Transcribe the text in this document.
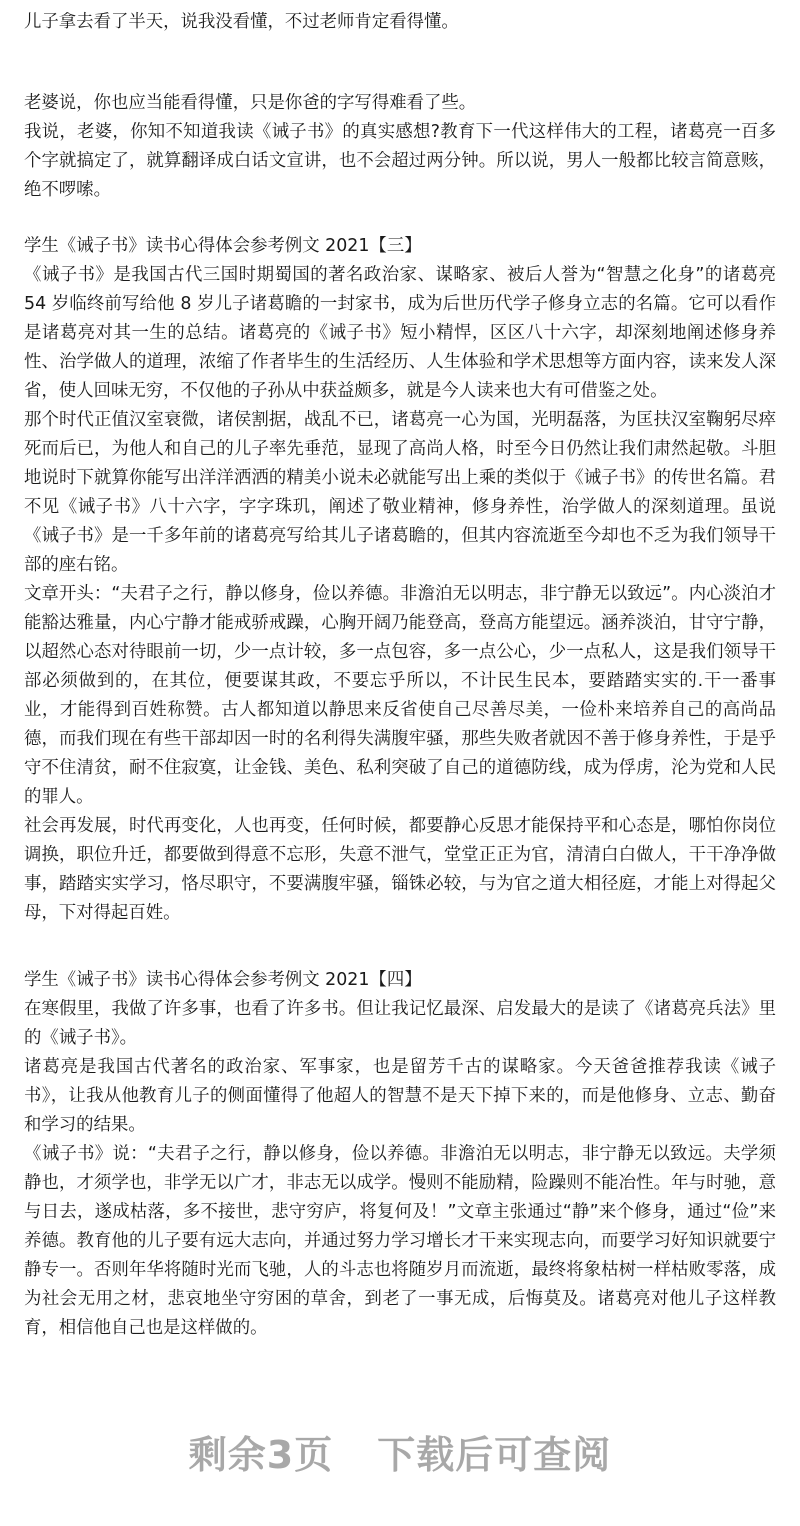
儿子拿去看了半天，说我没看懂，不过老师肯定看得懂。

老婆说，你也应当能看得懂，只是你爸的字写得难看了些。

我说，老婆，你知不知道我读《诫子书》的真实感想?教育下一代这样伟大的工程，诸葛亮一百多个字就搞定了，就算翻译成白话文宣讲，也不会超过两分钟。所以说，男人一般都比较言简意赅，绝不啰嗦。

学生《诫子书》读书心得体会参考例文 2021【三】

《诫子书》是我国古代三国时期蜀国的著名政治家、谋略家、被后人誉为“智慧之化身”的诸葛亮 54 岁临终前写给他 8 岁儿子诸葛瞻的一封家书，成为后世历代学子修身立志的名篇。它可以看作是诸葛亮对其一生的总结。诸葛亮的《诫子书》短小精悍，区区八十六字，却深刻地阐述修身养性、治学做人的道理，浓缩了作者毕生的生活经历、人生体验和学术思想等方面内容，读来发人深省，使人回味无穷，不仅他的子孙从中获益颇多，就是今人读来也大有可借鉴之处。

那个时代正值汉室衰微，诸侯割据，战乱不已，诸葛亮一心为国，光明磊落，为匡扶汉室鞠躬尽瘁死而后已，为他人和自己的儿子率先垂范，显现了高尚人格，时至今日仍然让我们肃然起敬。斗胆地说时下就算你能写出洋洋洒洒的精美小说未必就能写出上乘的类似于《诫子书》的传世名篇。君不见《诫子书》八十六字，字字珠玑，阐述了敬业精神，修身养性，治学做人的深刻道理。虽说《诫子书》是一千多年前的诸葛亮写给其儿子诸葛瞻的，但其内容流逝至今却也不乏为我们领导干部的座右铭。

文章开头：“夫君子之行，静以修身，俭以养德。非澹泊无以明志，非宁静无以致远”。内心淡泊才能豁达雅量，内心宁静才能戒骄戒躁，心胸开阔乃能登高，登高方能望远。涵养淡泊，甘守宁静，以超然心态对待眼前一切，少一点计较，多一点包容，多一点公心，少一点私人，这是我们领导干部必须做到的，在其位，便要谋其政，不要忘乎所以，不计民生民本，要踏踏实实的.干一番事业，才能得到百姓称赞。古人都知道以静思来反省使自己尽善尽美，一俭朴来培养自己的高尚品德，而我们现在有些干部却因一时的名利得失满腹牢骚，那些失败者就因不善于修身养性，于是乎守不住清贫，耐不住寂寞，让金钱、美色、私利突破了自己的道德防线，成为俘虏，沦为党和人民的罪人。

社会再发展，时代再变化，人也再变，任何时候，都要静心反思才能保持平和心态是，哪怕你岗位调换，职位升迁，都要做到得意不忘形，失意不泄气，堂堂正正为官，清清白白做人，干干净净做事，踏踏实实学习，恪尽职守，不要满腹牢骚，锱铢必较，与为官之道大相径庭，才能上对得起父母，下对得起百姓。

学生《诫子书》读书心得体会参考例文 2021【四】

在寒假里，我做了许多事，也看了许多书。但让我记忆最深、启发最大的是读了《诸葛亮兵法》里的《诫子书》。

诸葛亮是我国古代著名的政治家、军事家，也是留芳千古的谋略家。今天爸爸推荐我读《诫子书》，让我从他教育儿子的侧面懂得了他超人的智慧不是天下掉下来的，而是他修身、立志、勤奋和学习的结果。

《诫子书》说：“夫君子之行，静以修身，俭以养德。非澹泊无以明志，非宁静无以致远。夫学须静也，才须学也，非学无以广才，非志无以成学。慢则不能励精，险躁则不能冶性。年与时驰，意与日去，遂成枯落，多不接世，悲守穷庐，将复何及！”文章主张通过“静”来个修身，通过“俭”来养德。教育他的儿子要有远大志向，并通过努力学习增长才干来实现志向，而要学习好知识就要宁静专一。否则年华将随时光而飞驰，人的斗志也将随岁月而流逝，最终将象枯树一样枯败零落，成为社会无用之材，悲哀地坐守穷困的草舍，到老了一事无成，后悔莫及。诸葛亮对他儿子这样教育，相信他自己也是这样做的。

剩余3页 下载后可查阅
